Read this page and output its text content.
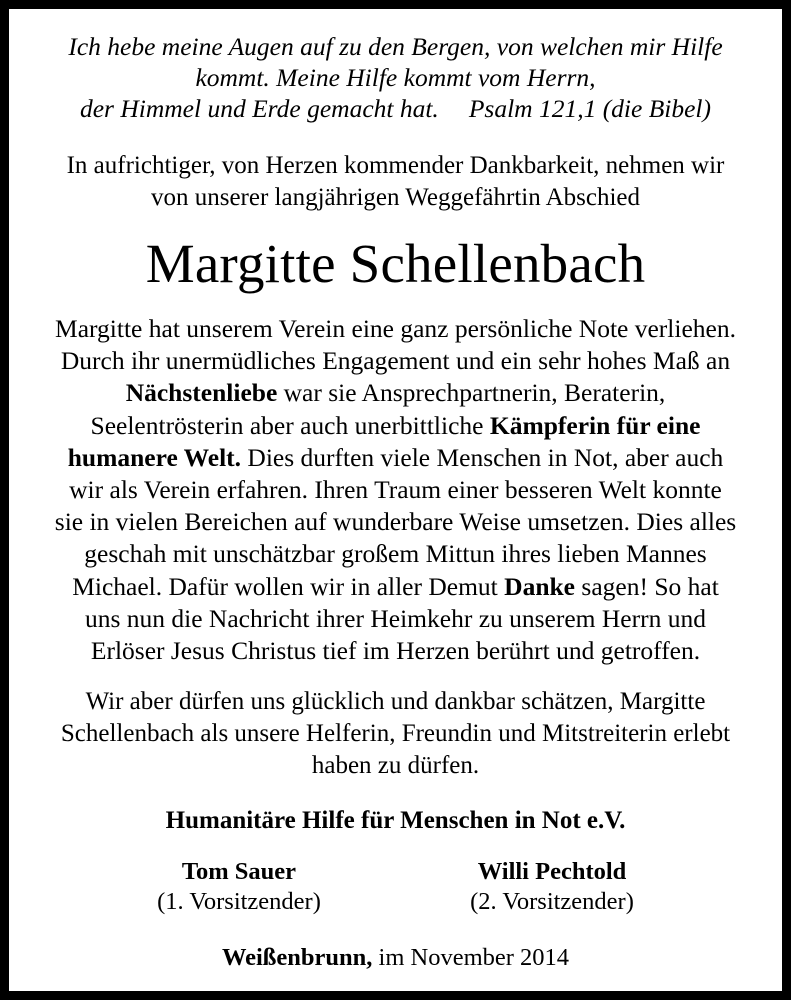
Ich hebe meine Augen auf zu den Bergen, von welchen mir Hilfe
kommt. Meine Hilfe kommt vom Herrn,
der Himmel und Erde gemacht hat. Psalm 121,1 (die Bibel)

In aufrichtiger, von Herzen kommender Dankbarkeit, nehmen wir von unserer langjährigen Weggefährtin Abschied

Margitte Schellenbach

Margitte hat unserem Verein eine ganz persönliche Note verliehen. Durch ihr unermüdliches Engagement und ein sehr hohes Maß an Nächstenliebe war sie Ansprechpartnerin, Beraterin, Seelentrösterin aber auch unerbittliche Kämpferin für eine humanere Welt. Dies durften viele Menschen in Not, aber auch wir als Verein erfahren. Ihren Traum einer besseren Welt konnte sie in vielen Bereichen auf wunderbare Weise umsetzen. Dies alles geschah mit unschätzbar großem Mittun ihres lieben Mannes Michael. Dafür wollen wir in aller Demut Danke sagen! So hat uns nun die Nachricht ihrer Heimkehr zu unserem Herrn und Erlöser Jesus Christus tief im Herzen berührt und getroffen.

Wir aber dürfen uns glücklich und dankbar schätzen, Margitte Schellenbach als unsere Helferin, Freundin und Mitstreiterin erlebt haben zu dürfen.

Humanitäre Hilfe für Menschen in Not e.V.

Tom Sauer
(1. Vorsitzender)
Willi Pechtold
(2. Vorsitzender)

Weißenbrunn, im November 2014
